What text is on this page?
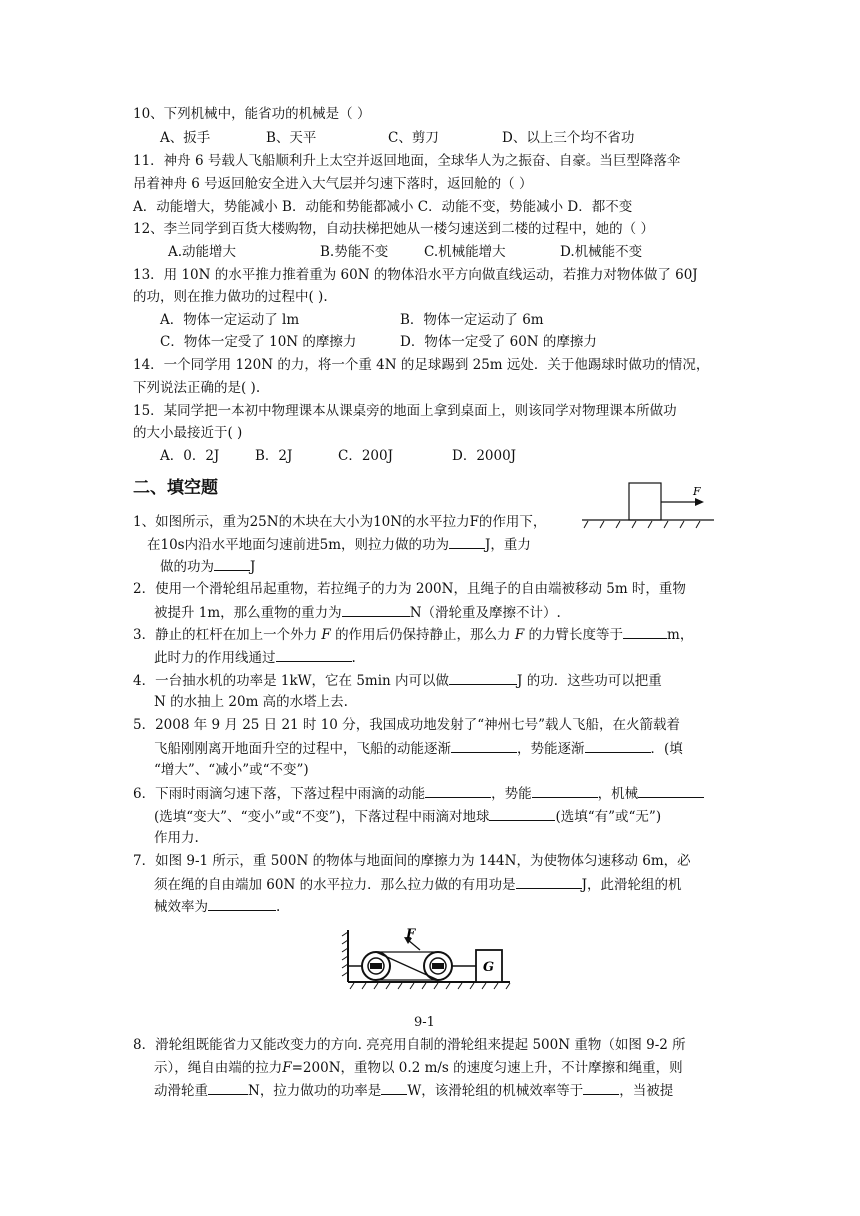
10、下列机械中，能省功的机械是（ ）
A、扳手	B、天平	C、剪刀	D、以上三个均不省功
11．神舟 6 号载人飞船顺利升上太空并返回地面，全球华人为之振奋、自豪。当巨型降落伞
吊着神舟 6 号返回舱安全进入大气层并匀速下落时，返回舱的（ ）
A．动能增大，势能减小 B．动能和势能都减小 C．动能不变，势能减小 D．都不变
12、李兰同学到百货大楼购物，自动扶梯把她从一楼匀速送到二楼的过程中，她的（ ）
A.动能增大	B.势能不变	C.机械能增大	D.机械能不变
13．用 10N 的水平推力推着重为 60N 的物体沿水平方向做直线运动，若推力对物体做了 60J
的功，则在推力做功的过程中( ).
A．物体一定运动了 lm	B．物体一定运动了 6m
C．物体一定受了 10N 的摩擦力	D．物体一定受了 60N 的摩擦力
14．一个同学用 120N 的力，将一个重 4N 的足球踢到 25m 远处．关于他踢球时做功的情况，
下列说法正确的是( ).
15．某同学把一本初中物理课本从课桌旁的地面上拿到桌面上，则该同学对物理课本所做功
的大小最接近于( )
A．0．2J	B．2J	C．200J	D．2000J
二、填空题	F
1、如图所示，重为25N的木块在大小为10N的水平拉力F的作用下，
在10s内沿水平地面匀速前进5m，则拉力做的功为	J，重力
做的功为	J
2．使用一个滑轮组吊起重物，若拉绳子的力为 200N，且绳子的自由端被移动 5m 时，重物
被提升 1m，那么重物的重力为	N（滑轮重及摩擦不计）.
3．静止的杠杆在加上一个外力 F 的作用后仍保持静止，那么力 F 的力臂长度等于	m，
此时力的作用线通过	.
4．一台抽水机的功率是 1kW，它在 5min 内可以做	J 的功．这些功可以把重
N 的水抽上 20m 高的水塔上去.
5．2008 年 9 月 25 日 21 时 10 分，我国成功地发射了“神州七号”载人飞船，在火箭载着
飞船刚刚离开地面升空的过程中，飞船的动能逐渐	，势能逐渐	．(填
“增大”、“减小”或“不变”)
6．下雨时雨滴匀速下落，下落过程中雨滴的动能	，势能	，机械
(选填“变大”、“变小”或“不变”)，下落过程中雨滴对地球	(选填“有”或“无”)
作用力.
7．如图 9-1 所示，重 500N 的物体与地面间的摩擦力为 144N，为使物体匀速移动 6m，必
须在绳的自由端加 60N 的水平拉力．那么拉力做的有用功是	J，此滑轮组的机
械效率为	.
G
F
9-1
8．滑轮组既能省力又能改变力的方向. 亮亮用自制的滑轮组来提起 500N 重物（如图 9-2 所
示），绳自由端的拉力F=200N，重物以 0.2 m/s 的速度匀速上升，不计摩擦和绳重，则
动滑轮重	N，拉力做功的功率是 W，该滑轮组的机械效率等于	，当被提
